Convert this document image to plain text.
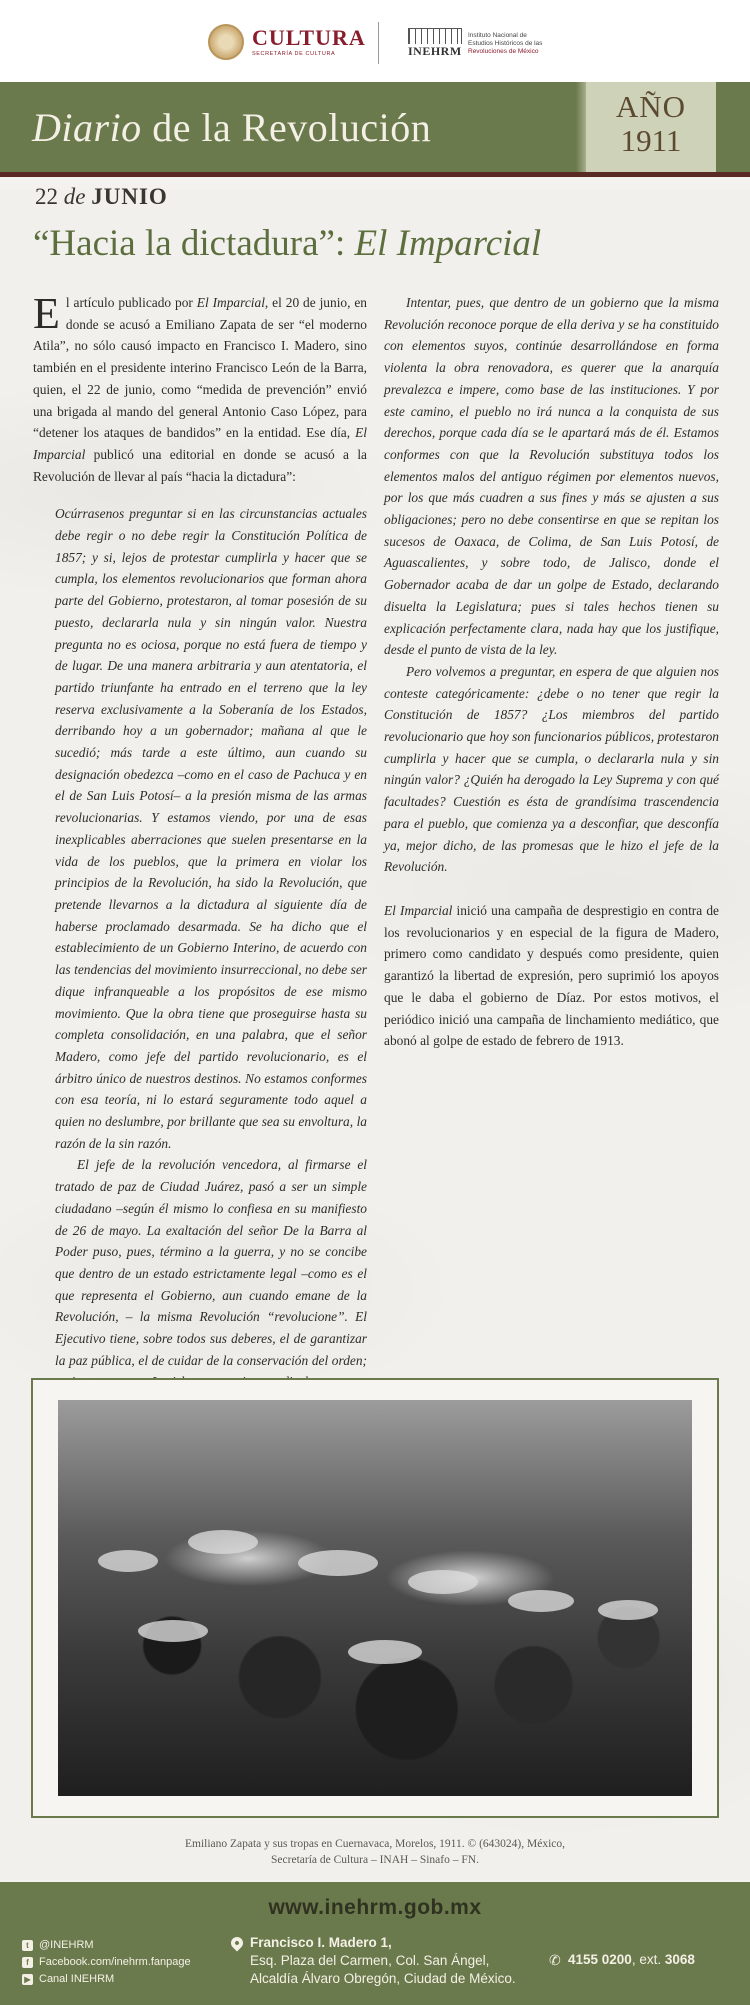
CULTURA
SECRETARÍA DE CULTURA	INEHRM
Instituto Nacional de
Estudios Históricos de las
Revoluciones de México
Diario de la Revolución	AÑO
1911
22 de JUNIO
“Hacia la dictadura”: El Imparcial

El artículo publicado por El Imparcial, el 20 de junio, en donde se acusó a Emiliano Zapata de ser “el moderno Atila”, no sólo causó impacto en Francisco I. Madero, sino también en el presidente interino Francisco León de la Barra, quien, el 22 de junio, como “medida de prevención” envió una brigada al mando del general Antonio Caso López, para “detener los ataques de bandidos” en la entidad. Ese día, El Imparcial publicó una editorial en donde se acusó a la Revolución de llevar al país “hacia la dictadura”:

Ocúrrasenos preguntar si en las circunstancias actuales debe regir o no debe regir la Constitución Política de 1857; y si, lejos de protestar cumplirla y hacer que se cumpla, los elementos revolucionarios que forman ahora parte del Gobierno, protestaron, al tomar posesión de su puesto, declararla nula y sin ningún valor. Nuestra pregunta no es ociosa, porque no está fuera de tiempo y de lugar. De una manera arbitraria y aun atentatoria, el partido triunfante ha entrado en el terreno que la ley reserva exclusivamente a la Soberanía de los Estados, derribando hoy a un gobernador; mañana al que le sucedió; más tarde a este último, aun cuando su designación obedezca –como en el caso de Pachuca y en el de San Luis Potosí– a la presión misma de las armas revolucionarias. Y estamos viendo, por una de esas inexplicables aberraciones que suelen presentarse en la vida de los pueblos, que la primera en violar los principios de la Revolución, ha sido la Revolución, que pretende llevarnos a la dictadura al siguiente día de haberse proclamado desarmada. Se ha dicho que el establecimiento de un Gobierno Interino, de acuerdo con las tendencias del movimiento insurreccional, no debe ser dique infranqueable a los propósitos de ese mismo movimiento. Que la obra tiene que proseguirse hasta su completa consolidación, en una palabra, que el señor Madero, como jefe del partido revolucionario, es el árbitro único de nuestros destinos. No estamos conformes con esa teoría, ni lo estará seguramente todo aquel a quien no deslumbre, por brillante que sea su envoltura, la razón de la sin razón.

El jefe de la revolución vencedora, al firmarse el tratado de paz de Ciudad Juárez, pasó a ser un simple ciudadano –según él mismo lo confiesa en su manifiesto de 26 de mayo. La exaltación del señor De la Barra al Poder puso, pues, término a la guerra, y no se concibe que dentro de un estado estrictamente legal –como es el que representa el Gobierno, aun cuando emane de la Revolución, – la misma Revolución “revolucione”. El Ejecutivo tiene, sobre todos sus deberes, el de garantizar la paz pública, el de cuidar de la conservación del orden;

Intentar, pues, que dentro de un gobierno que la misma Revolución reconoce porque de ella deriva y se ha constituido con elementos suyos, continúe desarrollándose en forma violenta la obra renovadora, es querer que la anarquía prevalezca e impere, como base de las instituciones. Y por este camino, el pueblo no irá nunca a la conquista de sus derechos, porque cada día se le apartará más de él. Estamos conformes con que la Revolución substituya todos los elementos malos del antiguo régimen por elementos nuevos, por los que más cuadren a sus fines y más se ajusten a sus obligaciones; pero no debe consentirse en que se repitan los sucesos de Oaxaca, de Colima, de San Luis Potosí, de Aguascalientes, y sobre todo, de Jalisco, donde el Gobernador acaba de dar un golpe de Estado, declarando disuelta la Legislatura; pues si tales hechos tienen su explicación perfectamente clara, nada hay que los justifique, desde el punto de vista de la ley.

Pero volvemos a preguntar, en espera de que alguien nos conteste categóricamente: ¿debe o no tener que regir la Constitución de 1857? ¿Los miembros del partido revolucionario que hoy son funcionarios públicos, protestaron cumplirla y hacer que se cumpla, o declararla nula y sin ningún valor? ¿Quién ha derogado la Ley Suprema y con qué facultades? Cuestión es ésta de grandísima trascendencia para el pueblo, que comienza ya a desconfiar, que desconfía ya, mejor dicho, de las promesas que le hizo el jefe de la Revolución.

El Imparcial inició una campaña de desprestigio en contra de los revolucionarios y en especial de la figura de Madero, primero como candidato y después como presidente, quien garantizó la libertad de expresión, pero suprimió los apoyos que le daba el gobierno de Díaz. Por estos motivos, el periódico inició una campaña de linchamiento mediático, que abonó al golpe de estado de febrero de 1913.

Emiliano Zapata y sus tropas en Cuernavaca, Morelos, 1911. © (643024), México,
Secretaría de Cultura – INAH – Sinafo – FN.
www.inehrm.gob.mx
t @INEHRM
f Facebook.com/inehrm.fanpage
▶ Canal INEHRM
Francisco I. Madero 1,
Esq. Plaza del Carmen, Col. San Ángel,
Alcaldía Álvaro Obregón, Ciudad de México.
✆ 4155 0200, ext. 3068
